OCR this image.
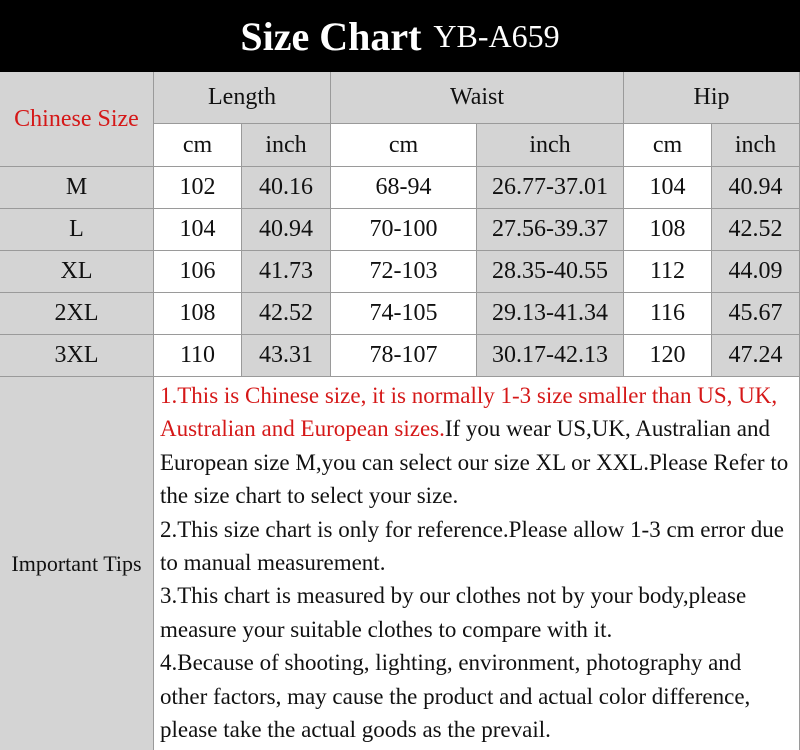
Size Chart YB-A659
Chinese Size
Length	Waist	Hip
cm	inch	cm	inch	cm	inch
M	102	40.16	68-94	26.77-37.01	104	40.94
L	104	40.94	70-100	27.56-39.37	108	42.52
XL	106	41.73	72-103	28.35-40.55	112	44.09
2XL	108	42.52	74-105	29.13-41.34	116	45.67
3XL	110	43.31	78-107	30.17-42.13	120	47.24
Important Tips

1.This is Chinese size, it is normally 1-3 size smaller than US, UK, Australian and European sizes.If you wear US,UK, Australian and European size M,you can select our size XL or XXL.Please Refer to the size chart to select your size.

2.This size chart is only for reference.Please allow 1-3 cm error due to manual measurement.

3.This chart is measured by our clothes not by your body,please measure your suitable clothes to compare with it.

4.Because of shooting, lighting, environment, photography and other factors, may cause the product and actual color difference, please take the actual goods as the prevail.
